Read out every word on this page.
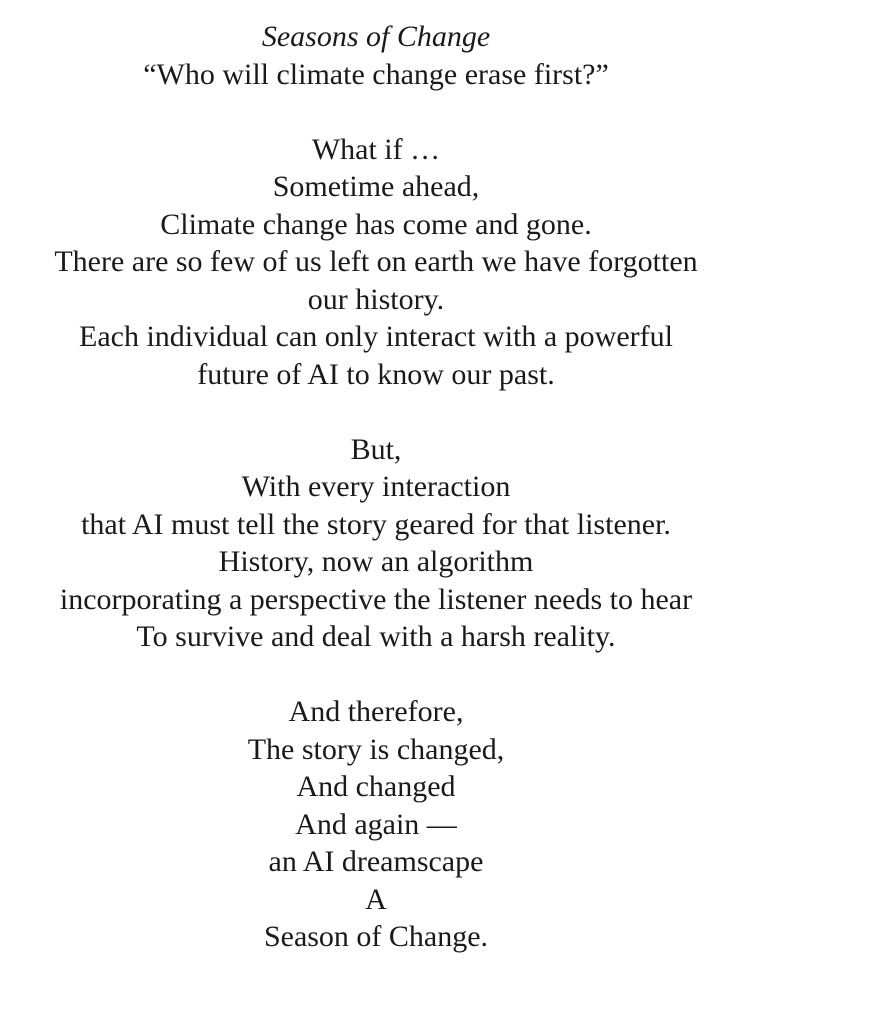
Seasons of Change
“Who will climate change erase first?”
What if …
Sometime ahead,
Climate change has come and gone.
There are so few of us left on earth we have forgotten
our history.
Each individual can only interact with a powerful
future of AI to know our past.
But,
With every interaction
that AI must tell the story geared for that listener.
History, now an algorithm
incorporating a perspective the listener needs to hear
To survive and deal with a harsh reality.
And therefore,
The story is changed,
And changed
And again —
an AI dreamscape
A
Season of Change.
